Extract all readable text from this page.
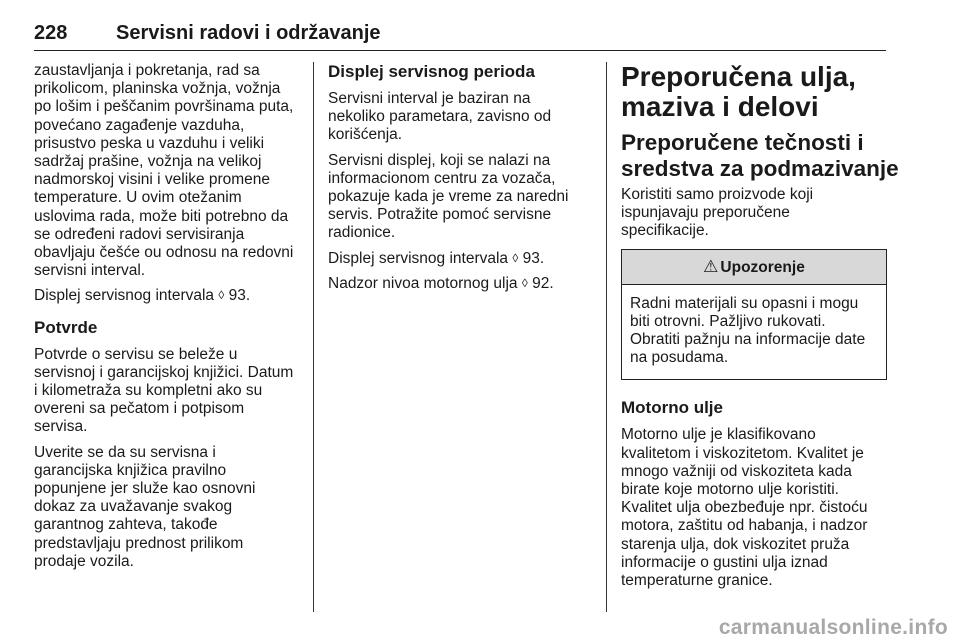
228 Servisni radovi i održavanje

zaustavljanja i pokretanja, rad sa
prikolicom, planinska vožnja, vožnja
po lošim i peščanim površinama puta,
povećano zagađenje vazduha,
prisustvo peska u vazduhu i veliki
sadržaj prašine, vožnja na velikoj
nadmorskoj visini i velike promene
temperature. U ovim otežanim
uslovima rada, može biti potrebno da
se određeni radovi servisiranja
obavljaju češće ou odnosu na redovni
servisni interval.

Displej servisnog intervala ◊ 93.

Potvrde

Potvrde o servisu se beleže u
servisnoj i garancijskoj knjižici. Datum
i kilometraža su kompletni ako su
overeni sa pečatom i potpisom
servisa.

Uverite se da su servisna i
garancijska knjižica pravilno
popunjene jer služe kao osnovni
dokaz za uvažavanje svakog
garantnog zahteva, takođe
predstavljaju prednost prilikom
prodaje vozila.

Displej servisnog perioda

Servisni interval je baziran na
nekoliko parametara, zavisno od
korišćenja.

Servisni displej, koji se nalazi na
informacionom centru za vozača,
pokazuje kada je vreme za naredni
servis. Potražite pomoć servisne
radionice.

Displej servisnog intervala ◊ 93.

Nadzor nivoa motornog ulja ◊ 92.

Preporučena ulja,
maziva i delovi
Preporučene tečnosti i
sredstva za podmazivanje

Koristiti samo proizvode koji
ispunjavaju preporučene
specifikacije.

⚠ Upozorenje
Radni materijali su opasni i mogu
biti otrovni. Pažljivo rukovati.
Obratiti pažnju na informacije date
na posudama.
Motorno ulje

Motorno ulje je klasifikovano
kvalitetom i viskozitetom. Kvalitet je
mnogo važniji od viskoziteta kada
birate koje motorno ulje koristiti.
Kvalitet ulja obezbeđuje npr. čistoću
motora, zaštitu od habanja, i nadzor
starenja ulja, dok viskozitet pruža
informacije o gustini ulja iznad
temperaturne granice.

carmanualsonline.info
